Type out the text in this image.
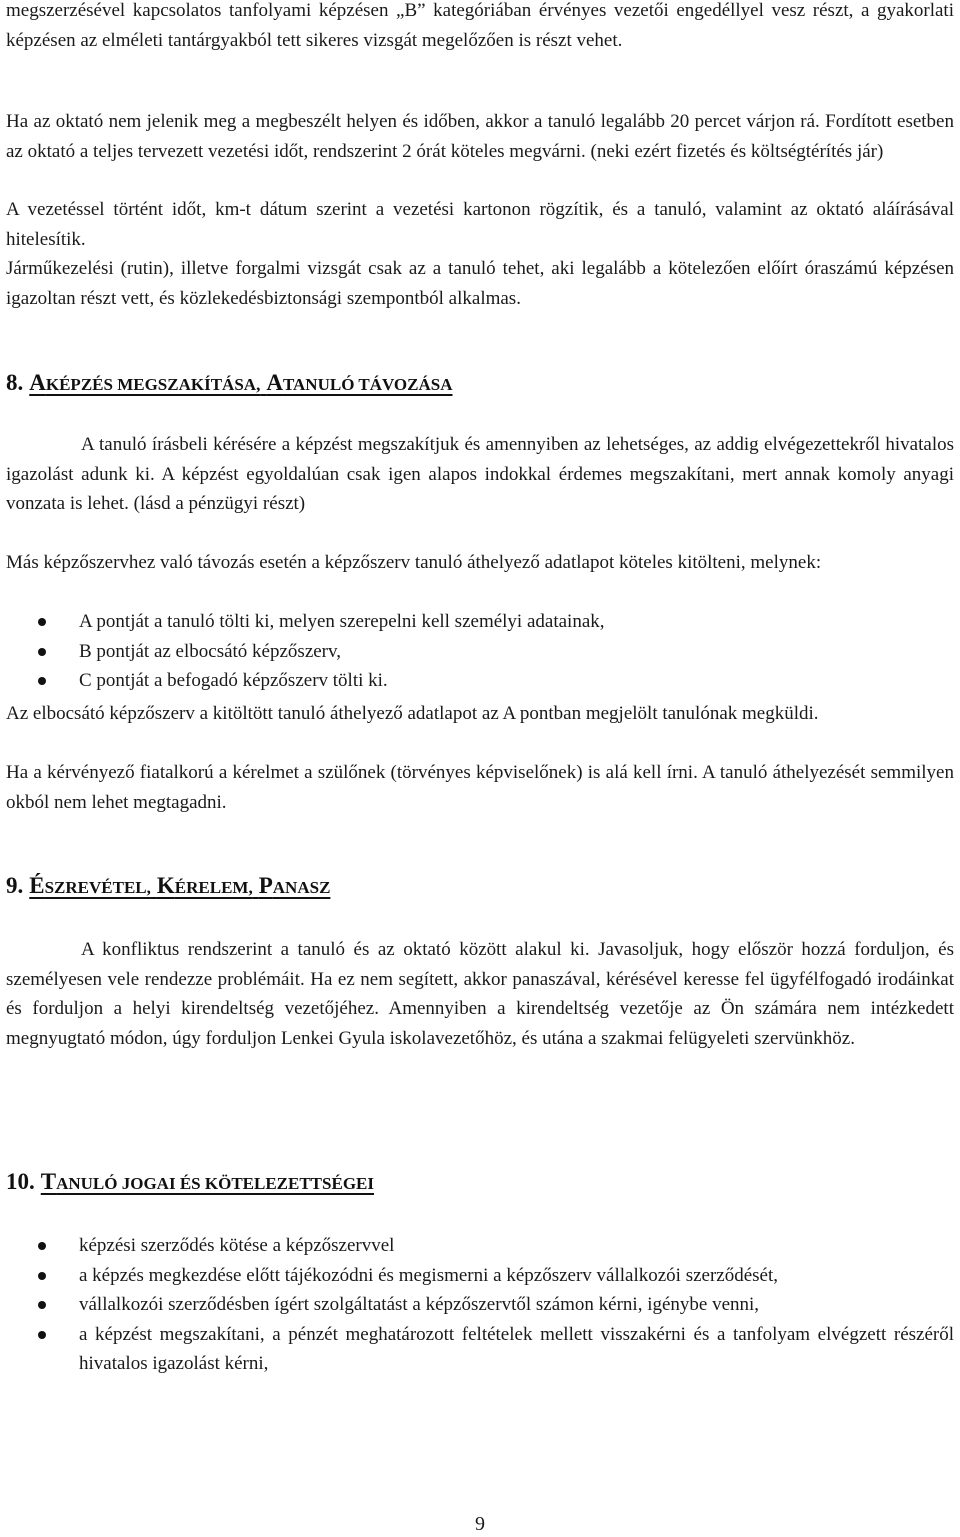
megszerzésével kapcsolatos tanfolyami képzésen „B” kategóriában érvényes vezetői engedéllyel vesz részt, a gyakorlati képzésen az elméleti tantárgyakból tett sikeres vizsgát megelőzően is részt vehet.

Ha az oktató nem jelenik meg a megbeszélt helyen és időben, akkor a tanuló legalább 20 percet várjon rá. Fordított esetben az oktató a teljes tervezett vezetési időt, rendszerint 2 órát köteles megvárni. (neki ezért fizetés és költségtérítés jár)

A vezetéssel történt időt, km-t dátum szerint a vezetési kartonon rögzítik, és a tanuló, valamint az oktató aláírásával hitelesítik.

Járműkezelési (rutin), illetve forgalmi vizsgát csak az a tanuló tehet, aki legalább a kötelezően előírt óraszámú képzésen igazoltan részt vett, és közlekedésbiztonsági szempontból alkalmas.

8. AKÉPZÉS MEGSZAKÍTÁSA, ATANULÓ TÁVOZÁSA

A tanuló írásbeli kérésére a képzést megszakítjuk és amennyiben az lehetséges, az addig elvégezettekről hivatalos igazolást adunk ki. A képzést egyoldalúan csak igen alapos indokkal érdemes megszakítani, mert annak komoly anyagi vonzata is lehet. (lásd a pénzügyi részt)

Más képzőszervhez való távozás esetén a képzőszerv tanuló áthelyező adatlapot köteles kitölteni, melynek:

A pontját a tanuló tölti ki, melyen szerepelni kell személyi adatainak,
B pontját az elbocsátó képzőszerv,
C pontját a befogadó képzőszerv tölti ki.

Az elbocsátó képzőszerv a kitöltött tanuló áthelyező adatlapot az A pontban megjelölt tanulónak megküldi.

Ha a kérvényező fiatalkorú a kérelmet a szülőnek (törvényes képviselőnek) is alá kell írni. A tanuló áthelyezését semmilyen okból nem lehet megtagadni.

9. ÉSZREVÉTEL, KÉRELEM, PANASZ

A konfliktus rendszerint a tanuló és az oktató között alakul ki. Javasoljuk, hogy először hozzá forduljon, és személyesen vele rendezze problémáit. Ha ez nem segített, akkor panaszával, kérésével keresse fel ügyfélfogadó irodáinkat és forduljon a helyi kirendeltség vezetőjéhez. Amennyiben a kirendeltség vezetője az Ön számára nem intézkedett megnyugtató módon, úgy forduljon Lenkei Gyula iskolavezetőhöz, és utána a szakmai felügyeleti szervünkhöz.

10. TANULÓ JOGAI ÉS KÖTELEZETTSÉGEI
képzési szerződés kötése a képzőszervvel
a képzés megkezdése előtt tájékozódni és megismerni a képzőszerv vállalkozói szerződését,
vállalkozói szerződésben ígért szolgáltatást a képzőszervtől számon kérni, igénybe venni,
a képzést megszakítani, a pénzét meghatározott feltételek mellett visszakérni és a tanfolyam elvégzett részéről hivatalos igazolást kérni,
9
